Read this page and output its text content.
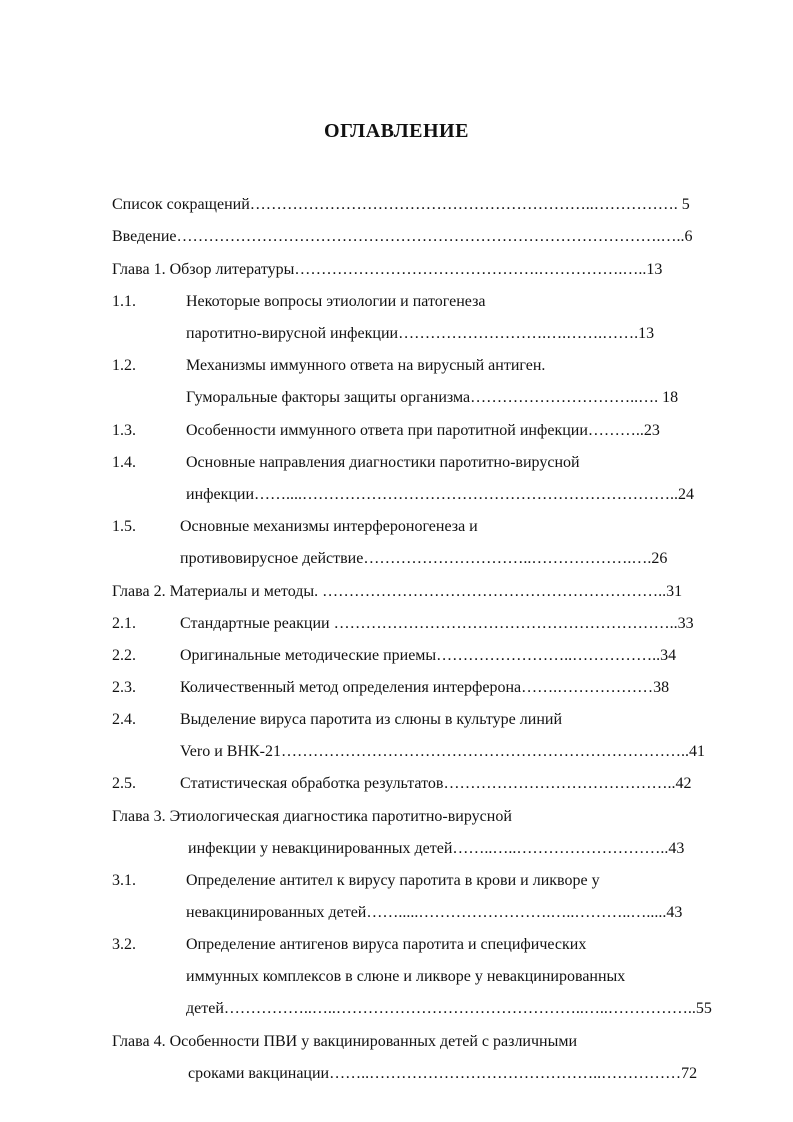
ОГЛАВЛЕНИЕ
Список сокращений………………………………………………………..……………. 5
Введение……………………………………………………………………………….…..6
Глава 1. Обзор литературы……………………………………….…………….…..13
1.1.	Некоторые вопросы этиологии и патогенеза
паротитно-вирусной инфекции……………………….….…….…….13
1.2.	Механизмы иммунного ответа на вирусный антиген.
Гуморальные факторы защиты организма…………………………..…. 18
1.3.	Особенности иммунного ответа при паротитной инфекции………..23
1.4.	Основные направления диагностики паротитно-вирусной
инфекции……....……………………………………………………………..24
1.5.	Основные механизмы интерфероногенеза и
противовирусное действие…………………………..……………….….26
Глава 2. Материалы и методы. ………………………………………………………..31
2.1.	Стандартные реакции ………………………………………………………..33
2.2.	Оригинальные методические приемы……………………..……………..34
2.3.	Количественный метод определения интерферона…….………………38
2.4.	Выделение вируса паротита из слюны в культуре линий
Vero и ВНК-21…………………………………………………………………..41
2.5.	Статистическая обработка результатов……………………………………..42
Глава 3. Этиологическая диагностика паротитно-вирусной
инфекции у невакцинированных детей……..…..………………………..43
3.1.	Определение антител к вирусу паротита в крови и ликворе у
невакцинированных детей…….....…………………….…..………..….....43
3.2.	Определение антигенов вируса паротита и специфических
иммунных комплексов в слюне и ликворе у невакцинированных
детей……………..…..………………………………………..…..……………..55
Глава 4. Особенности ПВИ у вакцинированных детей с различными
сроками вакцинации……..……………………………………..……………72
